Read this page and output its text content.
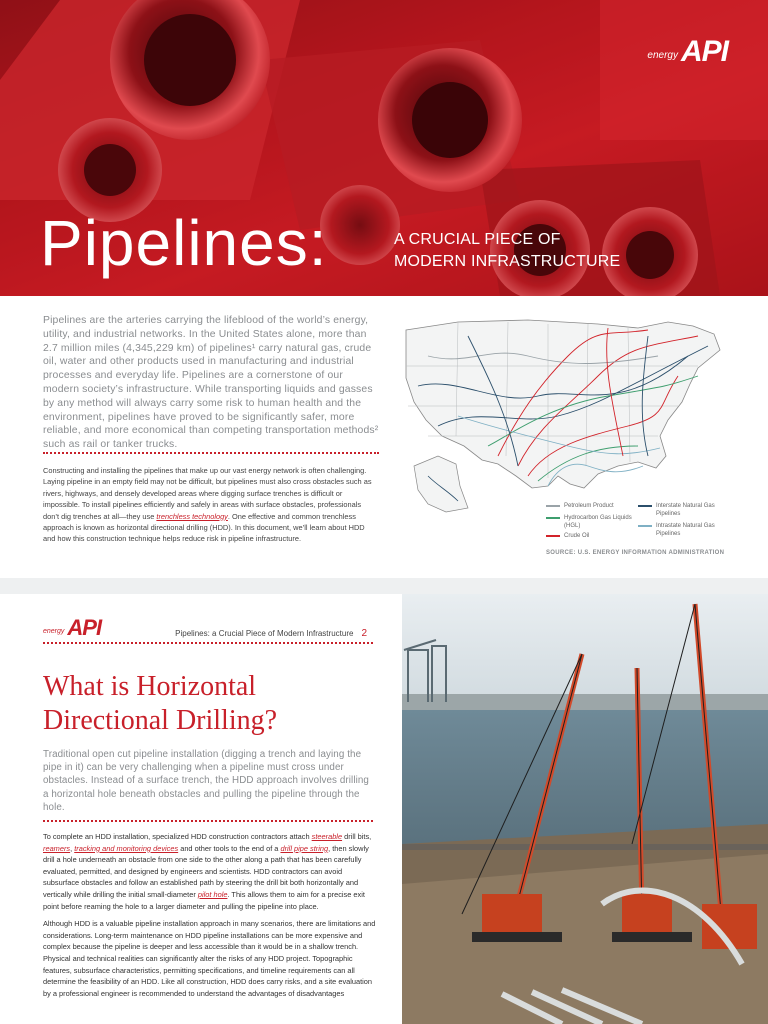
energy API
Pipelines:	A CRUCIAL PIECE OF
MODERN INFRASTRUCTURE
Pipelines are the arteries carrying the lifeblood of the world’s energy, utility, and industrial networks. In the United States alone, more than 2.7 million miles (4,345,229 km) of pipelines¹ carry natural gas, crude oil, water and other products used in manufacturing and industrial processes and everyday life. Pipelines are a cornerstone of our modern society’s infrastructure. While transporting liquids and gasses by any method will always carry some risk to human health and the environment, pipelines have proved to be significantly safer, more reliable, and more economical than competing transportation methods² such as rail or tanker trucks.
Constructing and installing the pipelines that make up our vast energy network is often challenging. Laying pipeline in an empty field may not be difficult, but pipelines must also cross obstacles such as rivers, highways, and densely developed areas where digging surface trenches is difficult or impossible. To install pipelines efficiently and safely in areas with surface obstacles, professionals don’t dig trenches at all—they use trenchless technology. One effective and common trenchless approach is known as horizontal directional drilling (HDD). In this document, we’ll learn about HDD and how this construction technique helps reduce risk in pipeline infrastructure.
Petroleum Product	Interstate Natural Gas Pipelines
Hydrocarbon Gas Liquids (HGL)	Intrastate Natural Gas Pipelines
Crude Oil
SOURCE: U.S. ENERGY INFORMATION ADMINISTRATION
energy API	Pipelines: a Crucial Piece of Modern Infrastructure 2
What is Horizontal
Directional Drilling?
Traditional open cut pipeline installation (digging a trench and laying the pipe in it) can be very challenging when a pipeline must cross under obstacles. Instead of a surface trench, the HDD approach involves drilling a horizontal hole beneath obstacles and pulling the pipeline through the hole.

To complete an HDD installation, specialized HDD construction contractors attach steerable drill bits, reamers, tracking and monitoring devices and other tools to the end of a drill pipe string, then slowly drill a hole underneath an obstacle from one side to the other along a path that has been carefully evaluated, permitted, and designed by engineers and scientists. HDD contractors can avoid subsurface obstacles and follow an established path by steering the drill bit both horizontally and vertically while drilling the initial small-diameter pilot hole. This allows them to aim for a precise exit point before reaming the hole to a larger diameter and pulling the pipeline into place.

Although HDD is a valuable pipeline installation approach in many scenarios, there are limitations and considerations. Long-term maintenance on HDD pipeline installations can be more expensive and complex because the pipeline is deeper and less accessible than it would be in a shallow trench. Physical and technical realities can significantly alter the risks of any HDD project. Topographic features, subsurface characteristics, permitting specifications, and timeline requirements can all determine the feasibility of an HDD. Like all construction, HDD does carry risks, and a site evaluation by a professional engineer is recommended to understand the advantages of disadvantages
